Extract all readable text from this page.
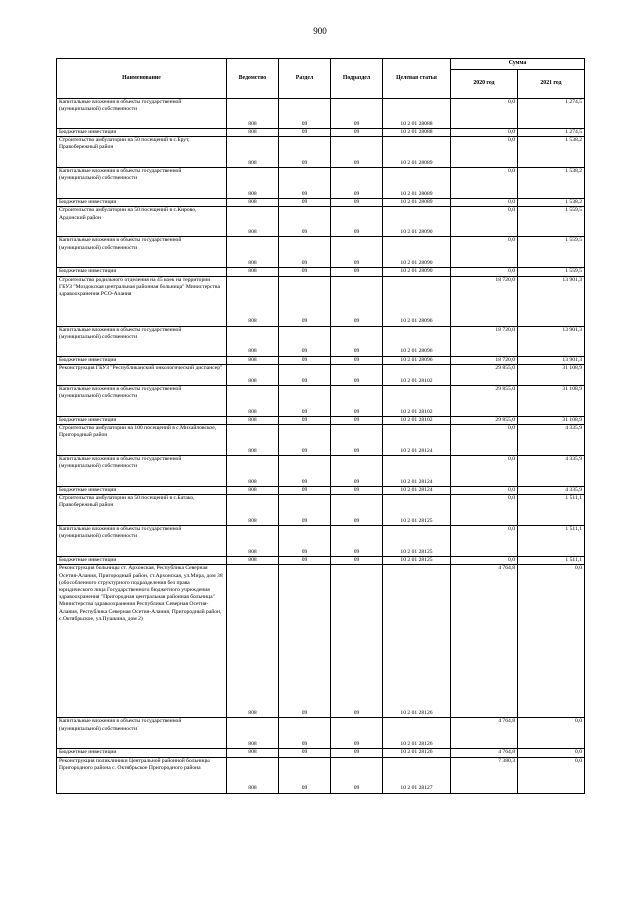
900
Наименование	Ведомство	Раздел	Подраздел	Целевая статья	Сумма	
					2020 год	2021 год
Капитальные вложения в объекты государственной (муниципальной) собственности	808	09	09	10 2 01 28088	0,0	1 274,5
Бюджетные инвестиции	808	09	09	10 2 01 28088	0,0	1 274,5
Строительство амбулатории на 50 посещений в с.Брут, Правобережный район	808	09	09	10 2 01 28089	0,0	1 538,2
Капитальные вложения в объекты государственной (муниципальной) собственности	808	09	09	10 2 01 28089	0,0	1 538,2
Бюджетные инвестиции	808	09	09	10 2 01 28089	0,0	1 538,2
Строительство амбулатории на 50 посещений в с.Кирово, Ардонский район	808	09	09	10 2 01 28090	0,0	1 559,5
Капитальные вложения в объекты государственной (муниципальной) собственности	808	09	09	10 2 01 28090	0,0	1 559,5
Бюджетные инвестиции	808	09	09	10 2 01 28090	0,0	1 559,5
Строительство родильного отделения на 45 коек на территории ГБУЗ "Моздокская центральная районная больница" Министерства здравоохранения РСО-Алания	808	09	09	10 2 01 28096	18 720,0	13 901,3
Капитальные вложения в объекты государственной (муниципальной) собственности	808	09	09	10 2 01 28096	18 720,0	13 901,3
Бюджетные инвестиции	808	09	09	10 2 01 28096	18 720,0	13 901,3
Реконструкция ГБУЗ "Республиканский онкологический диспансер"	808	09	09	10 2 01 28102	29 855,0	31 108,9
Капитальные вложения в объекты государственной (муниципальной) собственности	808	09	09	10 2 01 28102	29 855,0	31 108,9
Бюджетные инвестиции	808	09	09	10 2 01 28102	29 855,0	31 108,9
Строительство амбулатории на 100 посещений в с.Михайловское, Пригородный район	808	09	09	10 2 01 28124	0,0	4 335,9
Капитальные вложения в объекты государственной (муниципальной) собственности	808	09	09	10 2 01 28124	0,0	4 335,9
Бюджетные инвестиции	808	09	09	10 2 01 28124	0,0	4 335,9
Строительство амбулатории на 50 посещений в с.Батако, Правобережный район	808	09	09	10 2 01 28125	0,0	1 511,1
Капитальные вложения в объекты государственной (муниципальной) собственности	808	09	09	10 2 01 28125	0,0	1 511,1
Бюджетные инвестиции	808	09	09	10 2 01 28125	0,0	1 511,1
Реконструкция больницы ст. Архонская, Республика Северная Осетия-Алания, Пригородный район, ст.Архонская, ул.Мира, дом 38 (обособленного структурного подразделения без права юридического лица Государственного бюджетного учреждения здравоохранения "Пригородная центральная районная больница" Министерства здравоохранения Республики Северная Осетия-Алания, Республика Северная Осетия-Алания, Пригородный район, с.Октябрьское, ул.Пушкина, дом 2)	808	09	09	10 2 01 28126	4 764,8	0,0
Капитальные вложения в объекты государственной (муниципальной) собственности	808	09	09	10 2 01 28126	4 764,8	0,0
Бюджетные инвестиции	808	09	09	10 2 01 28126	4 764,8	0,0
Реконструкция поликлиники Центральной районной больницы Пригородного района с. Октябрьское Пригородного района	808	09	09	10 2 01 28127	7 380,3	0,0
